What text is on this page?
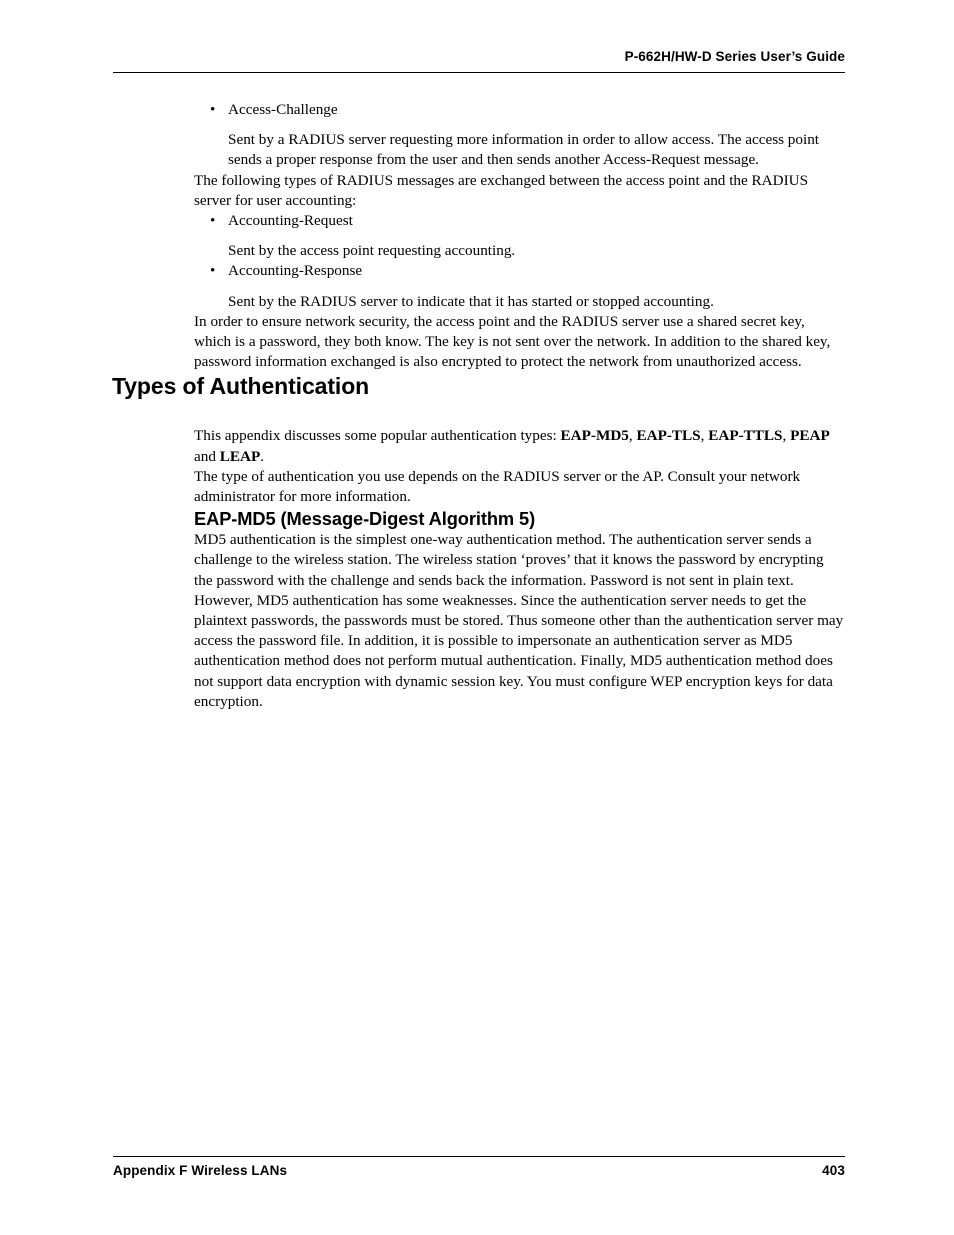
P-662H/HW-D Series User’s Guide
• Access-Challenge

Sent by a RADIUS server requesting more information in order to allow access. The access point sends a proper response from the user and then sends another Access-Request message.

The following types of RADIUS messages are exchanged between the access point and the RADIUS server for user accounting:

• Accounting-Request

Sent by the access point requesting accounting.

• Accounting-Response

Sent by the RADIUS server to indicate that it has started or stopped accounting.

In order to ensure network security, the access point and the RADIUS server use a shared secret key, which is a password, they both know. The key is not sent over the network. In addition to the shared key, password information exchanged is also encrypted to protect the network from unauthorized access.

Types of Authentication

This appendix discusses some popular authentication types: EAP-MD5, EAP-TLS, EAP-TTLS, PEAP and LEAP.

The type of authentication you use depends on the RADIUS server or the AP. Consult your network administrator for more information.

EAP-MD5 (Message-Digest Algorithm 5)

MD5 authentication is the simplest one-way authentication method. The authentication server sends a challenge to the wireless station. The wireless station ‘proves’ that it knows the password by encrypting the password with the challenge and sends back the information. Password is not sent in plain text.

However, MD5 authentication has some weaknesses. Since the authentication server needs to get the plaintext passwords, the passwords must be stored. Thus someone other than the authentication server may access the password file. In addition, it is possible to impersonate an authentication server as MD5 authentication method does not perform mutual authentication. Finally, MD5 authentication method does not support data encryption with dynamic session key. You must configure WEP encryption keys for data encryption.

Appendix F Wireless LANs	403
